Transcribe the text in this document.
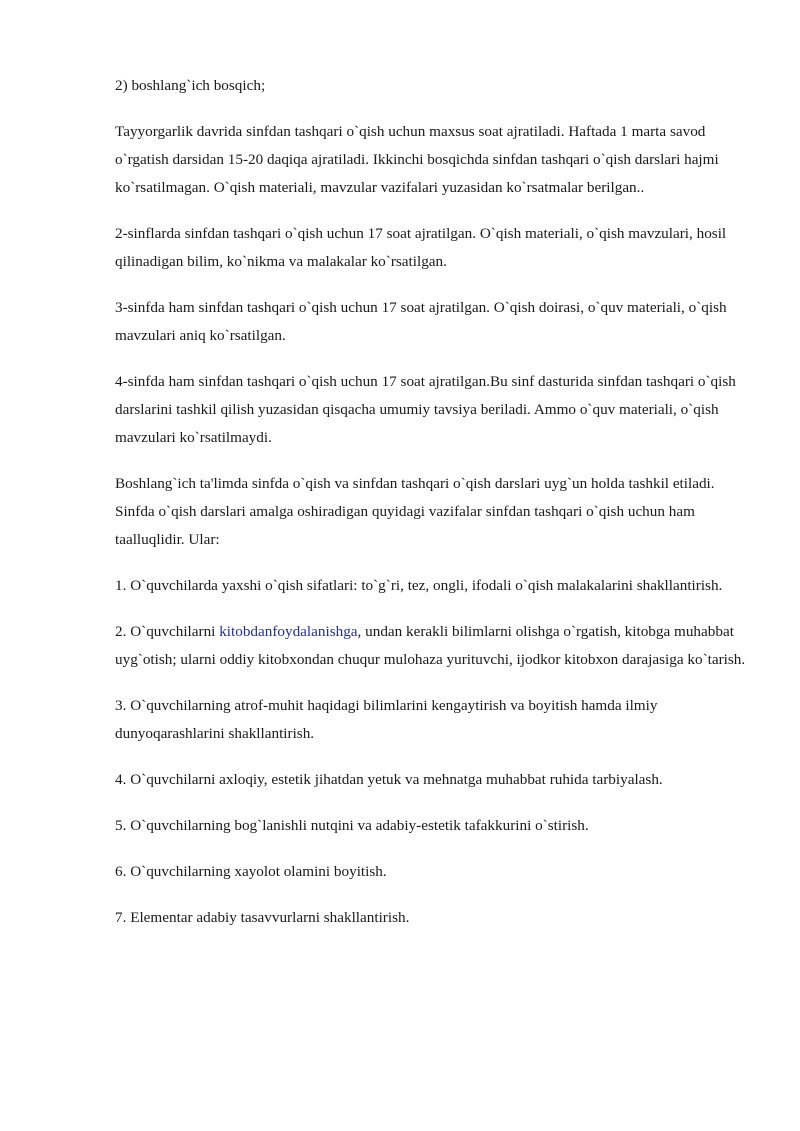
2) boshlang`ich bosqich;

Tayyorgarlik davrida sinfdan tashqari o`qish uchun maxsus soat ajratiladi. Haftada 1 marta savod o`rgatish darsidan 15-20 daqiqa ajratiladi. Ikkinchi bosqichda sinfdan tashqari o`qish darslari hajmi ko`rsatilmagan. O`qish materiali, mavzular vazifalari yuzasidan ko`rsatmalar berilgan..

2-sinflarda sinfdan tashqari o`qish uchun 17 soat ajratilgan. O`qish materiali, o`qish mavzulari, hosil qilinadigan bilim, ko`nikma va malakalar ko`rsatilgan.

3-sinfda ham sinfdan tashqari o`qish uchun 17 soat ajratilgan. O`qish doirasi, o`quv materiali, o`qish mavzulari aniq ko`rsatilgan.

4-sinfda ham sinfdan tashqari o`qish uchun 17 soat ajratilgan.Bu sinf dasturida sinfdan tashqari o`qish darslarini tashkil qilish yuzasidan qisqacha umumiy tavsiya beriladi. Ammo o`quv materiali, o`qish mavzulari ko`rsatilmaydi.

Boshlang`ich ta'limda sinfda o`qish va sinfdan tashqari o`qish darslari uyg`un holda tashkil etiladi. Sinfda o`qish darslari amalga oshiradigan quyidagi vazifalar sinfdan tashqari o`qish uchun ham taalluqlidir. Ular:

1. O`quvchilarda yaxshi o`qish sifatlari: to`g`ri, tez, ongli, ifodali o`qish malakalarini shakllantirish.

2. O`quvchilarni kitobdanfoydalanishga, undan kerakli bilimlarni olishga o`rgatish, kitobga muhabbat uyg`otish; ularni oddiy kitobxondan chuqur mulohaza yurituvchi, ijodkor kitobxon darajasiga ko`tarish.

3. O`quvchilarning atrof-muhit haqidagi bilimlarini kengaytirish va boyitish hamda ilmiy dunyoqarashlarini shakllantirish.

4. O`quvchilarni axloqiy, estetik jihatdan yetuk va mehnatga muhabbat ruhida tarbiyalash.

5. O`quvchilarning bog`lanishli nutqini va adabiy-estetik tafakkurini o`stirish.

6. O`quvchilarning xayolot olamini boyitish.

7. Elementar adabiy tasavvurlarni shakllantirish.
